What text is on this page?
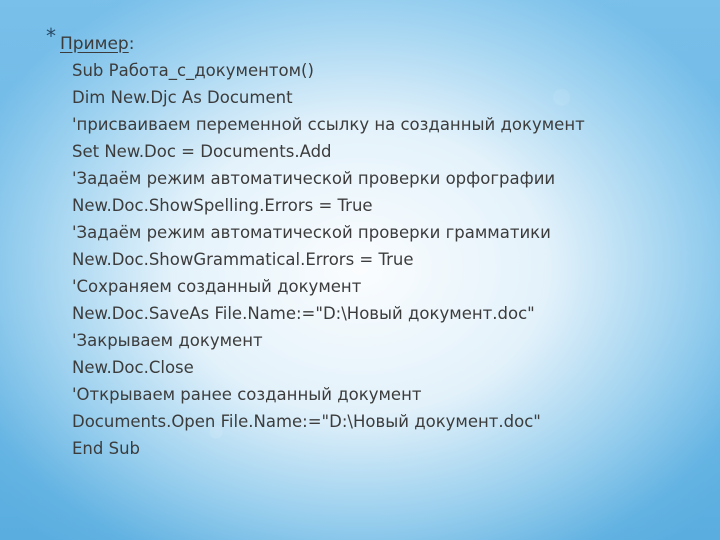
* Пример:
Sub Работа_с_документом()
Dim New.Djc As Document
'присваиваем переменной ссылку на созданный документ
Set New.Doc = Documents.Add
'Задаём режим автоматической проверки орфографии
New.Doc.ShowSpelling.Errors = True
'Задаём режим автоматической проверки грамматики
New.Doc.ShowGrammatical.Errors = True
'Сохраняем созданный документ
New.Doc.SaveAs File.Name:="D:\Новый документ.doc"
'Закрываем документ
New.Doc.Close
'Открываем ранее созданный документ
Documents.Open File.Name:="D:\Новый документ.doc"
End Sub
